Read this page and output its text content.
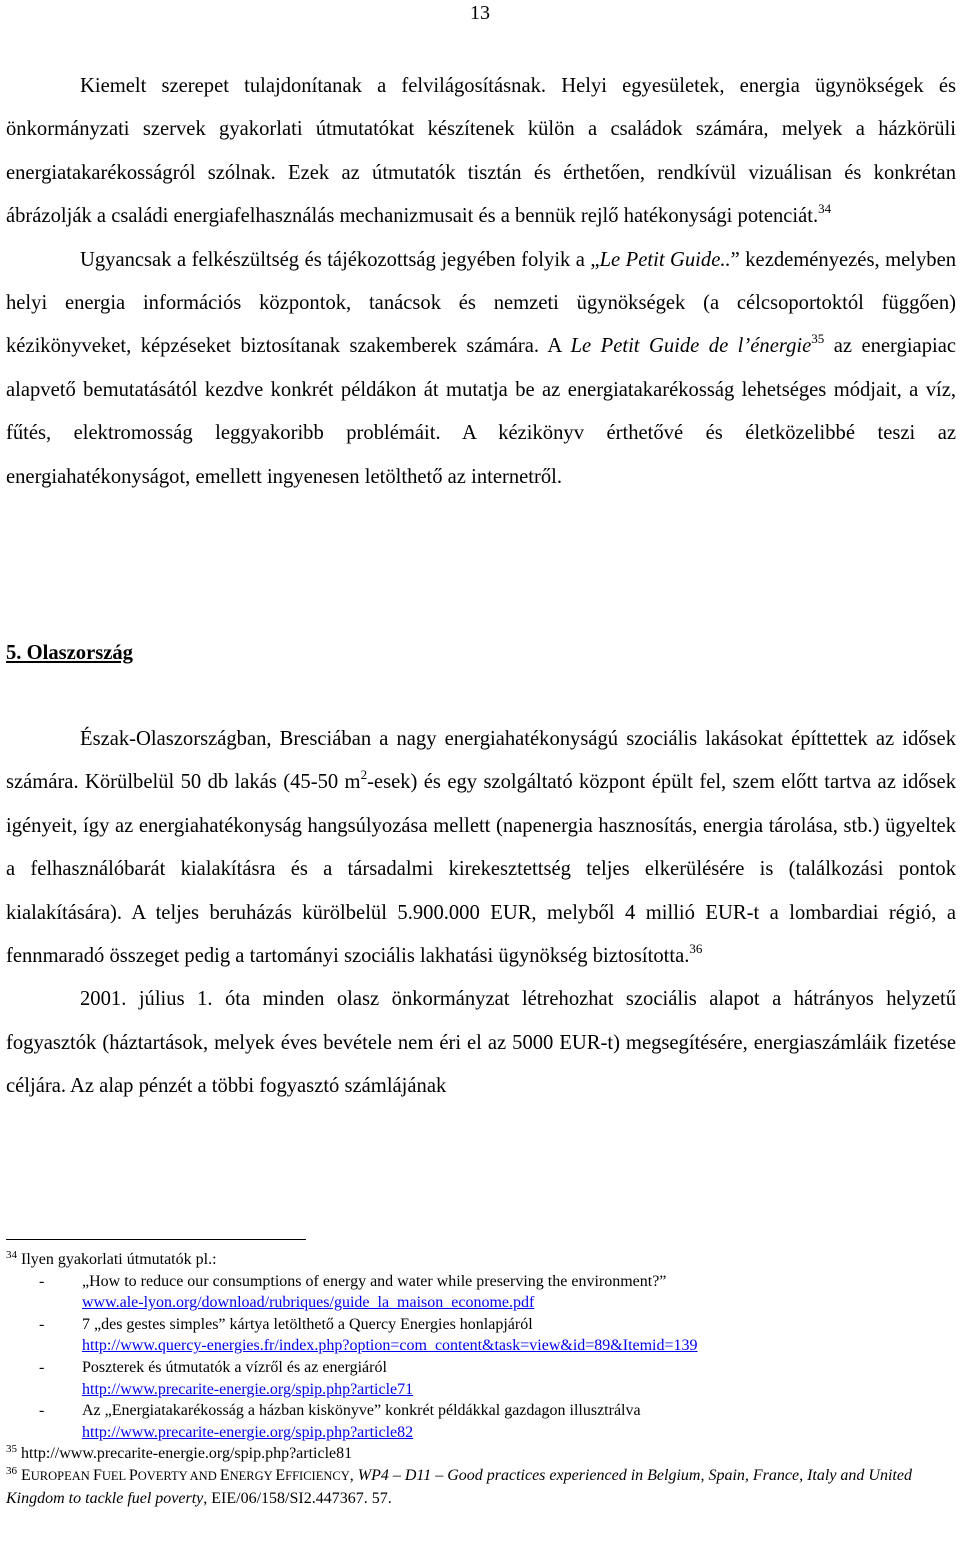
13

Kiemelt szerepet tulajdonítanak a felvilágosításnak. Helyi egyesületek, energia ügynökségek és önkormányzati szervek gyakorlati útmutatókat készítenek külön a családok számára, melyek a házkörüli energiatakarékosságról szólnak. Ezek az útmutatók tisztán és érthetően, rendkívül vizuálisan és konkrétan ábrázolják a családi energiafelhasználás mechanizmusait és a bennük rejlő hatékonysági potenciát.$^{34}$

Ugyancsak a felkészültség és tájékozottság jegyében folyik a „Le Petit Guide..” kezdeményezés, melyben helyi energia információs központok, tanácsok és nemzeti ügynökségek (a célcsoportoktól függően) kézikönyveket, képzéseket biztosítanak szakemberek számára. A Le Petit Guide de l’énergie$^{35}$ az energiapiac alapvető bemutatásától kezdve konkrét példákon át mutatja be az energiatakarékosság lehetséges módjait, a víz, fűtés, elektromosság leggyakoribb problémáit. A kézikönyv érthetővé és életközelibbé teszi az energiahatékonyságot, emellett ingyenesen letölthető az internetről.

5. Olaszország

Észak-Olaszországban, Bresciában a nagy energiahatékonyságú szociális lakásokat építtettek az idősek számára. Körülbelül 50 db lakás (45-50 $m^2-esek$) és egy szolgáltató központ épült fel, szem előtt tartva az idősek igényeit, így az energiahatékonyság hangsúlyozása mellett (napenergia hasznosítás, energia tárolása, stb.) ügyeltek a felhasználóbarát kialakításra és a társadalmi kirekesztettség teljes elkerülésére is (találkozási pontok kialakítására). A teljes beruházás kürölbelül 5.900.000 EUR, melyből 4 millió EUR-t a lombardiai régió, a fennmaradó összeget pedig a tartományi szociális lakhatási ügynökség biztosította.$^{36}$

2001. július 1. óta minden olasz önkormányzat létrehozhat szociális alapot a hátrányos helyzetű fogyasztók (háztartások, melyek éves bevétele nem éri el az 5000 EUR-t) megsegítésére, energiaszámláik fizetése céljára. Az alap pénzét a többi fogyasztó számlájának

$^{34}$ Ilyen gyakorlati útmutatók pl.:

- „How to reduce our consumptions of energy and water while preserving the environment?”
www.ale-lyon.org/download/rubriques/guide_la_maison_econome.pdf
- 7 „des gestes simples” kártya letölthető a Quercy Energies honlapjáról
http://www.quercy-energies.fr/index.php?option=com_content&task=view&id=89&Itemid=139
- Poszterek és útmutatók a vízről és az energiáról
http://www.precarite-energie.org/spip.php?article71
- Az „Energiatakarékosság a házban kiskönyve” konkrét példákkal gazdagon illusztrálva
http://www.precarite-energie.org/spip.php?article82

$^{35}$ http://www.precarite-energie.org/spip.php?article81

$^{36}$ EUROPEAN FUEL POVERTY AND ENERGY EFFICIENCY, WP4 – D11 – Good practices experienced in Belgium, Spain, France, Italy and United Kingdom to tackle fuel poverty, EIE/06/158/SI2.447367. 57.
